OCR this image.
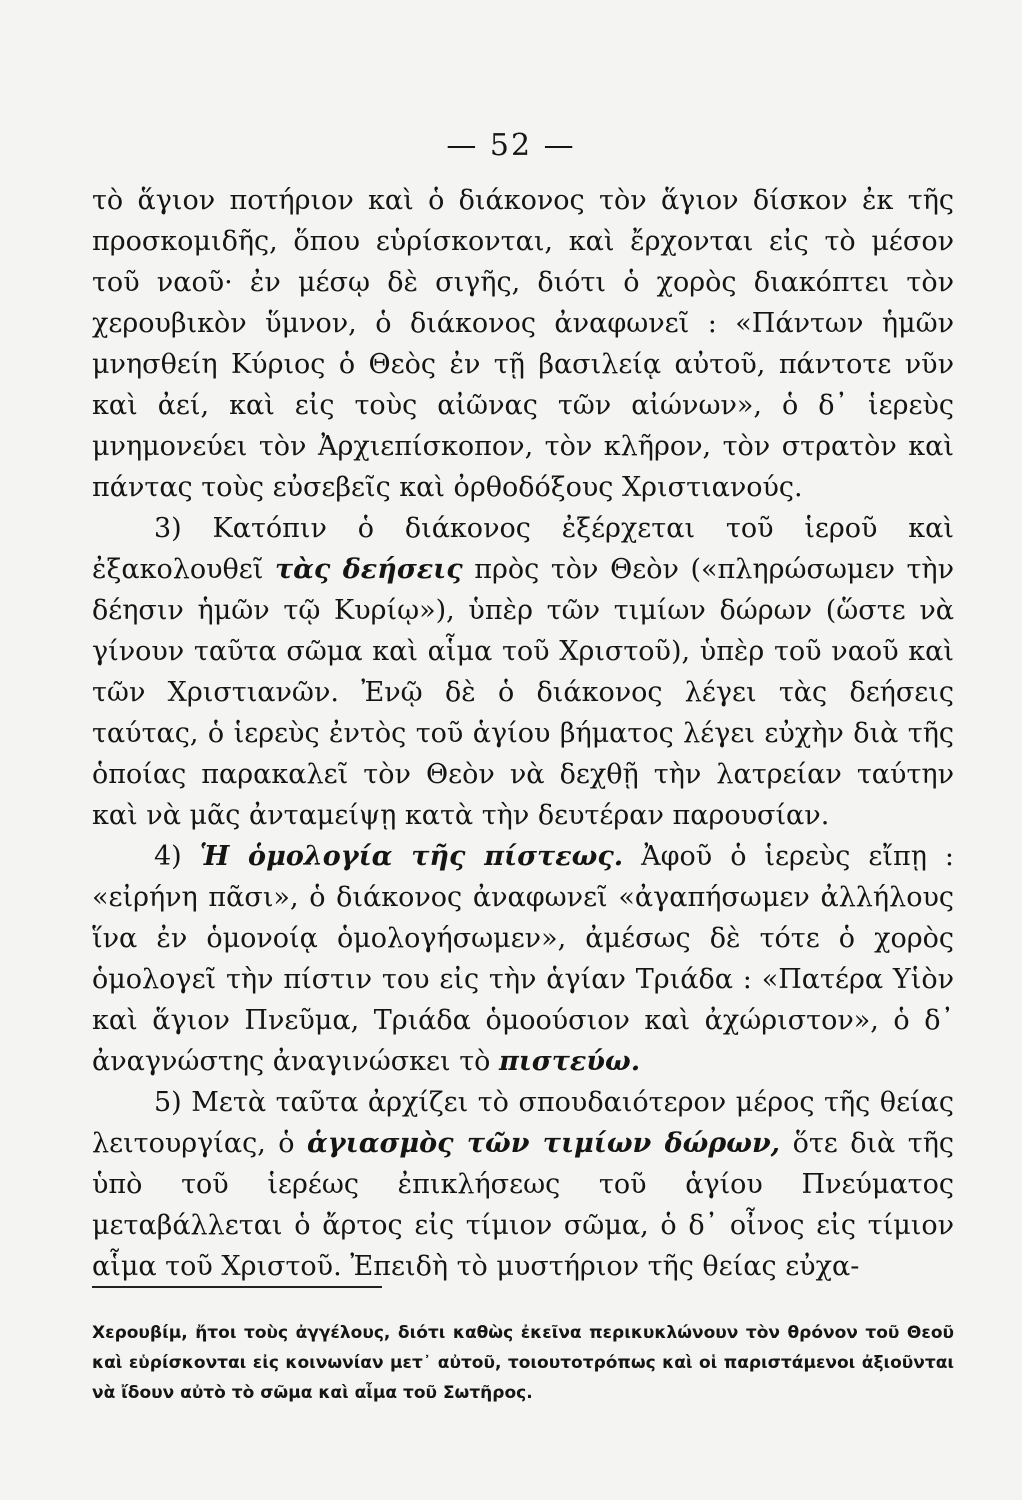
— 52 —

τὸ ἅγιον ποτήριον καὶ ὁ διάκονος τὸν ἅγιον δίσκον ἐκ τῆς προσκομιδῆς, ὅπου εὑρίσκονται, καὶ ἔρχονται εἰς τὸ μέσον τοῦ ναοῦ· ἐν μέσῳ δὲ σιγῆς, διότι ὁ χορὸς διακόπτει τὸν χερουβικὸν ὕμνον, ὁ διάκονος ἀναφωνεῖ : «Πάντων ἡμῶν μνησθείη Κύριος ὁ Θεὸς ἐν τῇ βασιλείᾳ αὐτοῦ, πάντοτε νῦν καὶ ἀεί, καὶ εἰς τοὺς αἰῶνας τῶν αἰώνων», ὁ δ᾽ ἱερεὺς μνημονεύει τὸν Ἀρχιεπίσκοπον, τὸν κλῆρον, τὸν στρατὸν καὶ πάντας τοὺς εὐσεβεῖς καὶ ὀρθοδόξους Χριστιανούς.

3) Κατόπιν ὁ διάκονος ἐξέρχεται τοῦ ἱεροῦ καὶ ἐξακολουθεῖ τὰς δεήσεις πρὸς τὸν Θεὸν («πληρώσωμεν τὴν δέησιν ἡμῶν τῷ Κυρίῳ»), ὑπὲρ τῶν τιμίων δώρων (ὥστε νὰ γίνουν ταῦτα σῶμα καὶ αἷμα τοῦ Χριστοῦ), ὑπὲρ τοῦ ναοῦ καὶ τῶν Χριστιανῶν. Ἐνῷ δὲ ὁ διάκονος λέγει τὰς δεήσεις ταύτας, ὁ ἱερεὺς ἐντὸς τοῦ ἁγίου βήματος λέγει εὐχὴν διὰ τῆς ὁποίας παρακαλεῖ τὸν Θεὸν νὰ δεχθῇ τὴν λατρείαν ταύτην καὶ νὰ μᾶς ἀνταμείψῃ κατὰ τὴν δευτέραν παρουσίαν.

4) Ἡ ὁμολογία τῆς πίστεως. Ἀφοῦ ὁ ἱερεὺς εἴπῃ : «εἰρήνη πᾶσι», ὁ διάκονος ἀναφωνεῖ «ἀγαπήσωμεν ἀλλήλους ἵνα ἐν ὁμονοίᾳ ὁμολογήσωμεν», ἀμέσως δὲ τότε ὁ χορὸς ὁμολογεῖ τὴν πίστιν του εἰς τὴν ἁγίαν Τριάδα : «Πατέρα Υἱὸν καὶ ἅγιον Πνεῦμα, Τριάδα ὁμοούσιον καὶ ἀχώριστον», ὁ δ᾽ ἀναγνώστης ἀναγινώσκει τὸ πιστεύω.

5) Μετὰ ταῦτα ἀρχίζει τὸ σπουδαιότερον μέρος τῆς θείας λειτουργίας, ὁ ἁγιασμὸς τῶν τιμίων δώρων, ὅτε διὰ τῆς ὑπὸ τοῦ ἱερέως ἐπικλήσεως τοῦ ἁγίου Πνεύματος μεταβάλλεται ὁ ἄρτος εἰς τίμιον σῶμα, ὁ δ᾽ οἶνος εἰς τίμιον αἷμα τοῦ Χριστοῦ. Ἐπειδὴ τὸ μυστήριον τῆς θείας εὐχα-

Χερουβίμ, ἤτοι τοὺς ἀγγέλους, διότι καθὼς ἐκεῖνα περικυκλώνουν τὸν θρόνον τοῦ Θεοῦ καὶ εὑρίσκονται εἰς κοινωνίαν μετ᾽ αὐτοῦ, τοιουτοτρόπως καὶ οἱ παριστάμενοι ἀξιοῦνται νὰ ἴδουν αὐτὸ τὸ σῶμα καὶ αἷμα τοῦ Σωτῆρος.
